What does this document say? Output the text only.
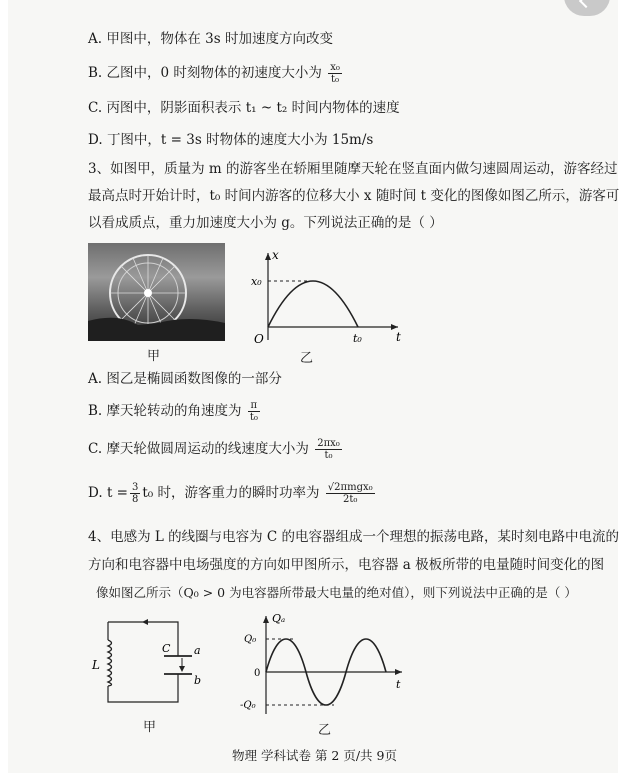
A. 甲图中，物体在 3s 时加速度方向改变
B. 乙图中，0 时刻物体的初速度大小为 $\frac{\text{x₀}}{\text{t₀}}$
C. 丙图中，阴影面积表示 t₁ ~ t₂ 时间内物体的速度
D. 丁图中，t = 3s 时物体的速度大小为 15m/s
3、如图甲，质量为 m 的游客坐在轿厢里随摩天轮在竖直面内做匀速圆周运动，游客经过
最高点时开始计时，t₀ 时间内游客的位移大小 x 随时间 t 变化的图像如图乙所示，游客可
以看成质点，重力加速度大小为 g。下列说法正确的是（ ）
甲
x
t
O
x₀
t₀
乙
A. 图乙是椭圆函数图像的一部分
B. 摩天轮转动的角速度为 $\frac{\pi}{\text{t₀}}$
C. 摩天轮做圆周运动的线速度大小为 $\frac{\text{2πx₀}}{\text{t₀}}$
D. $t = \frac{3}{8} t_0$ 时，游客重力的瞬时功率为 $\frac{\text{√2πmgx₀}}{\text{2t₀}}$
4、电感为 L 的线圈与电容为 C 的电容器组成一个理想的振荡电路，某时刻电路中电流的
方向和电容器中电场强度的方向如甲图所示，电容器 a 极板所带的电量随时间变化的图
像如图乙所示（Q₀ > 0 为电容器所带最大电量的绝对值），则下列说法中正确的是（ ）
L
C a
b
甲
Qₐ
t
Q₀
0
-Q₀
乙
物理 学科试卷 第 2 页/共 9页
